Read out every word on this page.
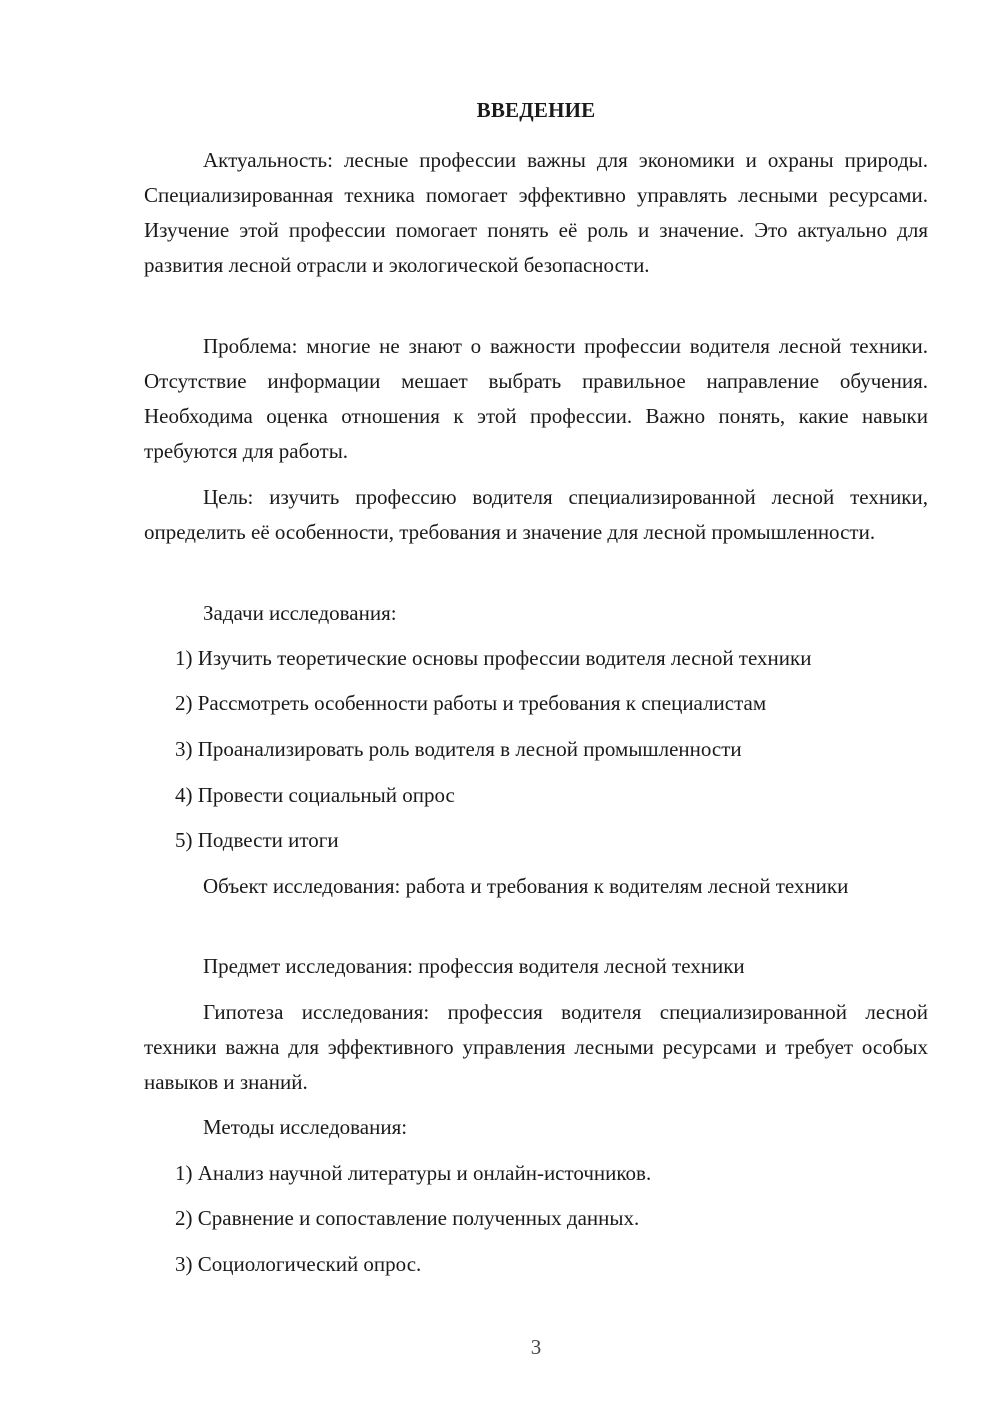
ВВЕДЕНИЕ

Актуальность: лесные профессии важны для экономики и охраны природы. Специализированная техника помогает эффективно управлять лесными ресурсами. Изучение этой профессии помогает понять её роль и значение. Это актуально для развития лесной отрасли и экологической безопасности.

Проблема: многие не знают о важности профессии водителя лесной техники. Отсутствие информации мешает выбрать правильное направление обучения. Необходима оценка отношения к этой профессии. Важно понять, какие навыки требуются для работы.

Цель: изучить профессию водителя специализированной лесной техники, определить её особенности, требования и значение для лесной промышленности.

Задачи исследования:

1) Изучить теоретические основы профессии водителя лесной техники

2) Рассмотреть особенности работы и требования к специалистам

3) Проанализировать роль водителя в лесной промышленности

4) Провести социальный опрос

5) Подвести итоги

Объект исследования: работа и требования к водителям лесной техники

Предмет исследования: профессия водителя лесной техники

Гипотеза исследования: профессия водителя специализированной лесной техники важна для эффективного управления лесными ресурсами и требует особых навыков и знаний.

Методы исследования:

1) Анализ научной литературы и онлайн-источников.

2) Сравнение и сопоставление полученных данных.

3) Социологический опрос.

3
